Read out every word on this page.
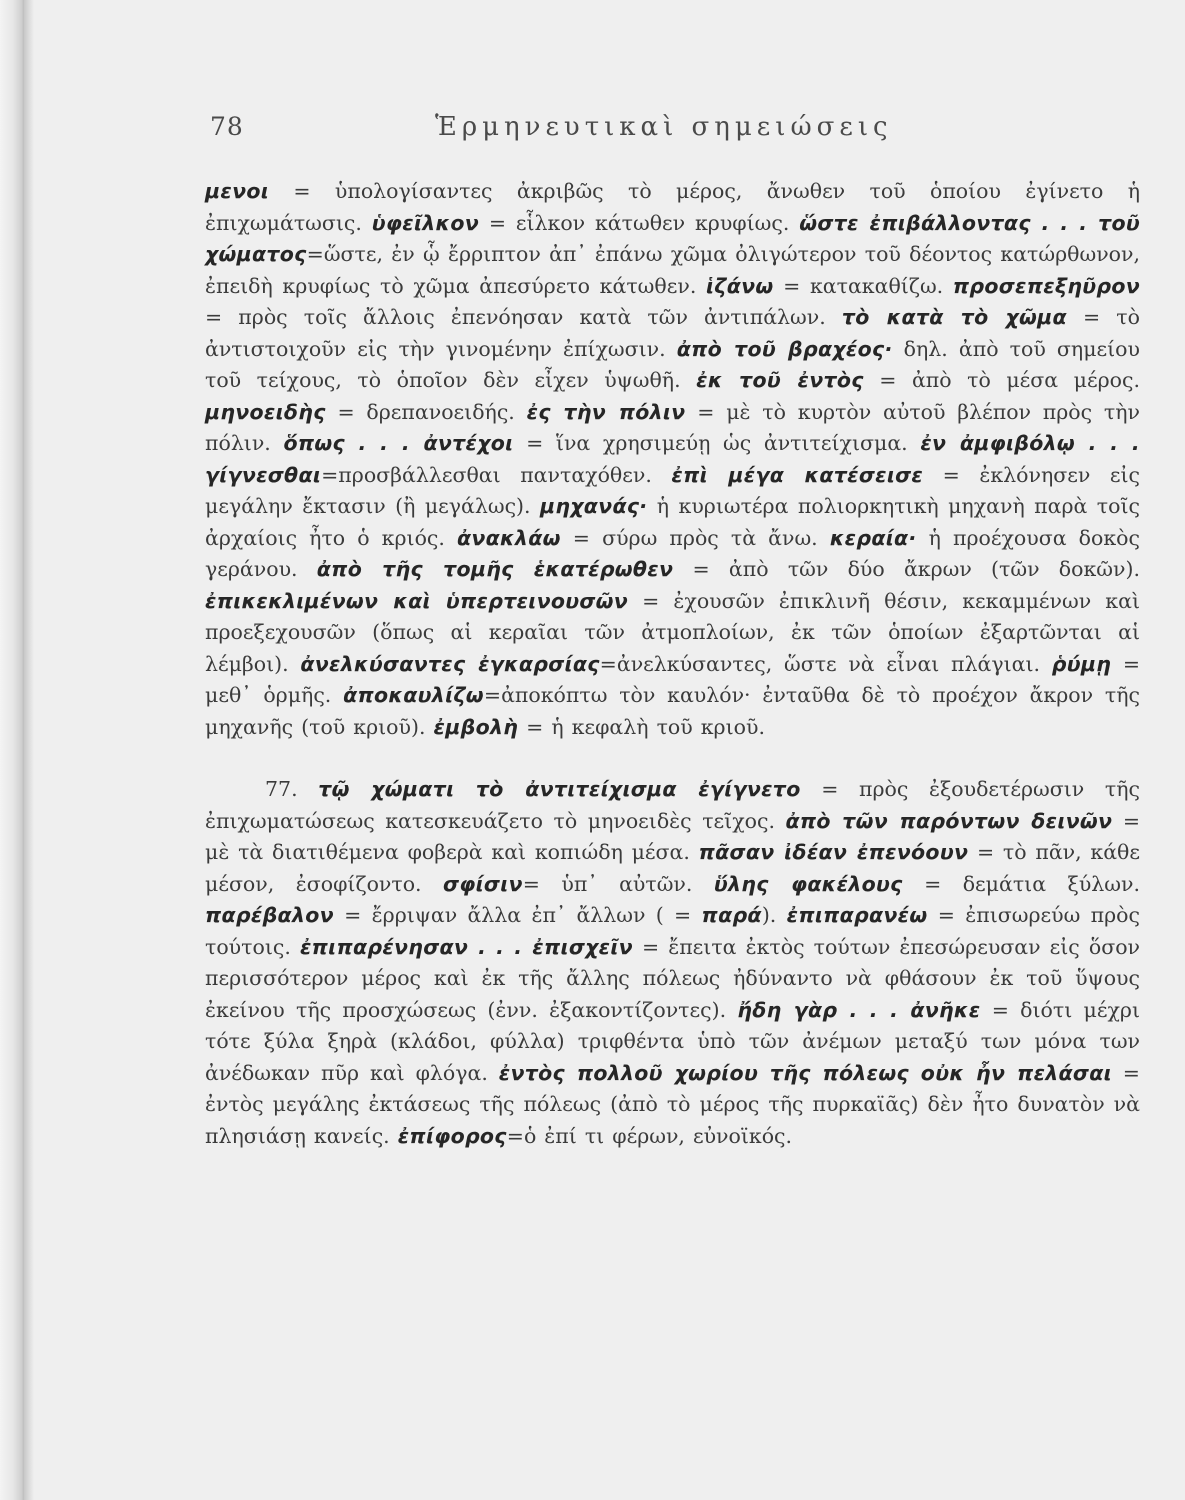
78	Ἑρμηνευτικαὶ σημειώσεις

μενοι = ὑπολογίσαντες ἀκριβῶς τὸ μέρος, ἄνωθεν τοῦ ὁποίου ἐγίνετο ἡ ἐπιχωμάτωσις. ὑφεῖλκον = εἷλκον κάτωθεν κρυφίως. ὥστε ἐπιβάλλοντας . . . τοῦ χώματος=ὥστε, ἐν ᾧ ἔρριπτον ἀπ᾽ ἐπάνω χῶμα ὀλιγώτερον τοῦ δέοντος κατώρθωνον, ἐπειδὴ κρυφίως τὸ χῶμα ἀπεσύρετο κάτωθεν. ἱζάνω = κατακαθίζω. προσεπεξηῦρον = πρὸς τοῖς ἄλλοις ἐπενόησαν κατὰ τῶν ἀντιπάλων. τὸ κατὰ τὸ χῶμα = τὸ ἀντιστοιχοῦν εἰς τὴν γινομένην ἐπίχωσιν. ἀπὸ τοῦ βραχέος· δηλ. ἀπὸ τοῦ σημείου τοῦ τείχους, τὸ ὁποῖον δὲν εἶχεν ὑψωθῆ. ἐκ τοῦ ἐντὸς = ἀπὸ τὸ μέσα μέρος. μηνοειδὴς = δρεπανοειδής. ἐς τὴν πόλιν = μὲ τὸ κυρτὸν αὐτοῦ βλέπον πρὸς τὴν πόλιν. ὅπως . . . ἀντέχοι = ἵνα χρησιμεύῃ ὡς ἀντιτείχισμα. ἐν ἀμφιβόλῳ . . . γίγνεσθαι=προσβάλλεσθαι πανταχόθεν. ἐπὶ μέγα κατέσεισε = ἐκλόνησεν εἰς μεγάλην ἔκτασιν (ἢ μεγάλως). μηχανάς· ἡ κυριωτέρα πολιορκητικὴ μηχανὴ παρὰ τοῖς ἀρχαίοις ἦτο ὁ κριός. ἀνακλάω = σύρω πρὸς τὰ ἄνω. κεραία· ἡ προέχουσα δοκὸς γεράνου. ἀπὸ τῆς τομῆς ἑκατέρωθεν = ἀπὸ τῶν δύο ἄκρων (τῶν δοκῶν). ἐπικεκλιμένων καὶ ὑπερτεινουσῶν = ἐχουσῶν ἐπικλινῆ θέσιν, κεκαμμένων καὶ προεξεχουσῶν (ὅπως αἱ κεραῖαι τῶν ἀτμοπλοίων, ἐκ τῶν ὁποίων ἐξαρτῶνται αἱ λέμβοι). ἀνελκύσαντες ἐγκαρσίας=ἀνελκύσαντες, ὥστε νὰ εἶναι πλάγιαι. ῥύμῃ = μεθ᾽ ὁρμῆς. ἀποκαυλίζω=ἀποκόπτω τὸν καυλόν· ἐνταῦθα δὲ τὸ προέχον ἄκρον τῆς μηχανῆς (τοῦ κριοῦ). ἐμβολὴ = ἡ κεφαλὴ τοῦ κριοῦ.

77. τῷ χώματι τὸ ἀντιτείχισμα ἐγίγνετο = πρὸς ἐξουδετέρωσιν τῆς ἐπιχωματώσεως κατεσκευάζετο τὸ μηνοειδὲς τεῖχος. ἀπὸ τῶν παρόντων δεινῶν = μὲ τὰ διατιθέμενα φοβερὰ καὶ κοπιώδη μέσα. πᾶσαν ἰδέαν ἐπενόουν = τὸ πᾶν, κάθε μέσον, ἐσοφίζοντο. σφίσιν= ὑπ᾽ αὐτῶν. ὕλης φακέλους = δεμάτια ξύλων. παρέβαλον = ἔρριψαν ἄλλα ἐπ᾽ ἄλλων ( = παρά). ἐπιπαρανέω = ἐπισωρεύω πρὸς τούτοις. ἐπιπαρένησαν . . . ἐπισχεῖν = ἔπειτα ἐκτὸς τούτων ἐπεσώρευσαν εἰς ὅσον περισσότερον μέρος καὶ ἐκ τῆς ἄλλης πόλεως ἠδύναντο νὰ φθάσουν ἐκ τοῦ ὕψους ἐκείνου τῆς προσχώσεως (ἐνν. ἐξακοντίζοντες). ἤδη γὰρ . . . ἀνῆκε = διότι μέχρι τότε ξύλα ξηρὰ (κλάδοι, φύλλα) τριφθέντα ὑπὸ τῶν ἀνέμων μεταξύ των μόνα των ἀνέδωκαν πῦρ καὶ φλόγα. ἐντὸς πολλοῦ χωρίου τῆς πόλεως οὐκ ἦν πελάσαι = ἐντὸς μεγάλης ἐκτάσεως τῆς πόλεως (ἀπὸ τὸ μέρος τῆς πυρκαϊᾶς) δὲν ἦτο δυνατὸν νὰ πλησιάσῃ κανείς. ἐπίφορος=ὁ ἐπί τι φέρων, εὐνοϊκός.
